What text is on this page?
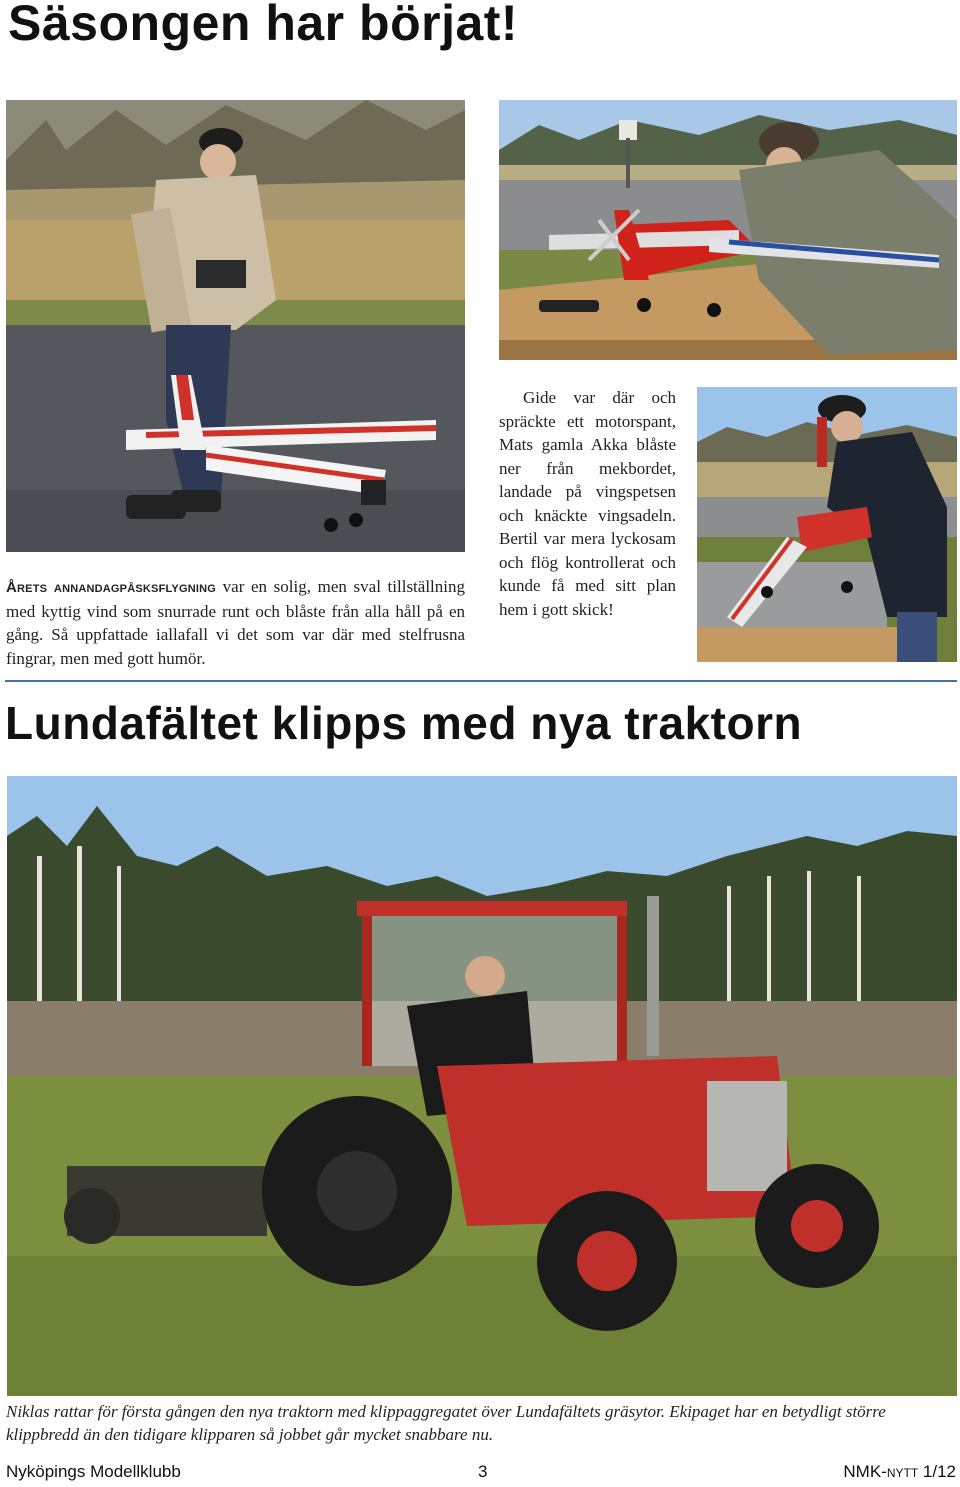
Säsongen har börjat!
Årets annandagpåsksflygning var en solig, men sval tillställning med kyttig vind som snurrade runt och blåste från alla håll på en gång. Så uppfattade iallafall vi det som var där med stelfrusna fingrar, men med gott humör.
Gide var där och spräckte ett motorspant, Mats gamla Akka blåste ner från mekbordet, landade på vingspetsen och knäckte vingsadeln. Bertil var mera lyckosam och flög kontrollerat och kunde få med sitt plan hem i gott skick!
Lundafältet klipps med nya traktorn
Niklas rattar för första gången den nya traktorn med klippaggregatet över Lundafältets gräsytor. Ekipaget har en betydligt större klippbredd än den tidigare klipparen så jobbet går mycket snabbare nu.
Nyköpings Modellklubb	3	NMK-nytt 1/12
